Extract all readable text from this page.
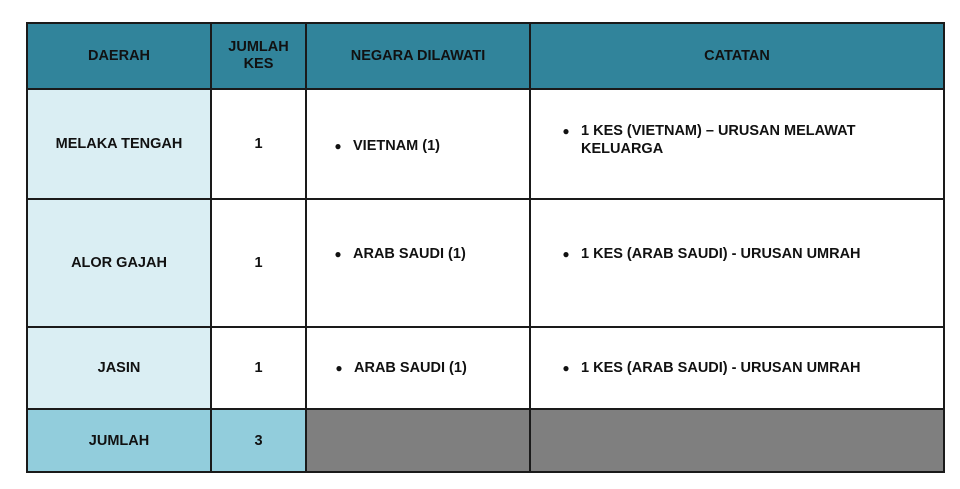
DAERAH	JUMLAH KES	NEGARA DILAWATI	CATATAN
MELAKA TENGAH	1	● VIETNAM (1)	● 1 KES (VIETNAM) – URUSAN MELAWAT KELUARGA

ALOR GAJAH	1	● ARAB SAUDI (1)	● 1 KES (ARAB SAUDI) - URUSAN UMRAH

JASIN	1	● ARAB SAUDI (1)	● 1 KES (ARAB SAUDI) - URUSAN UMRAH

JUMLAH	3		
